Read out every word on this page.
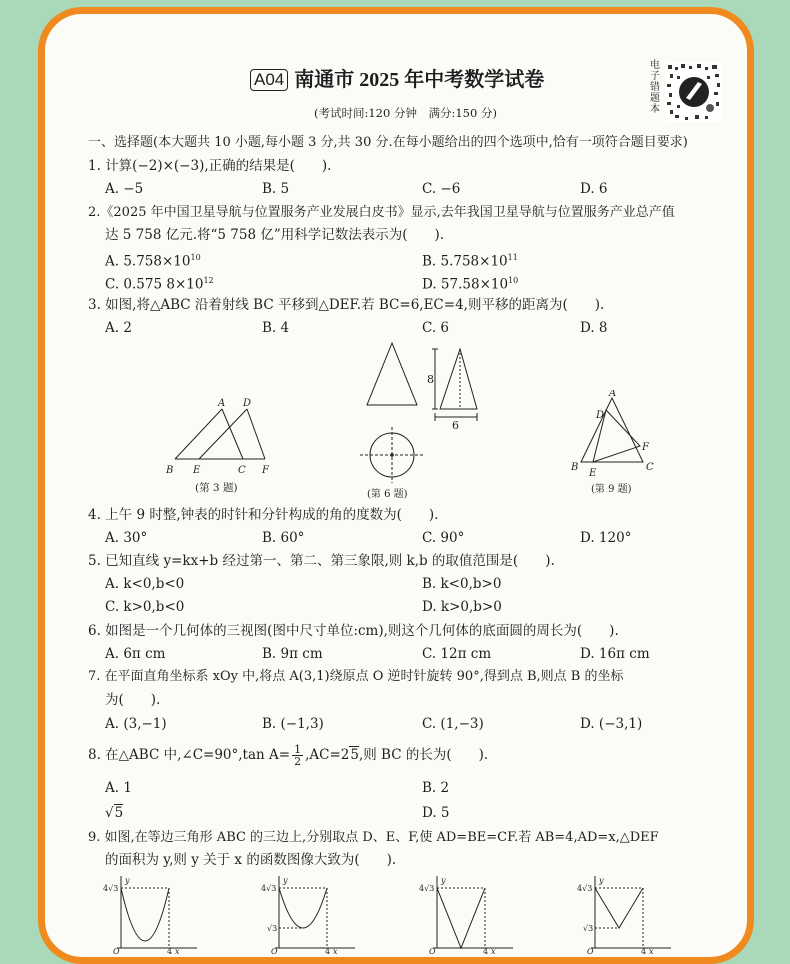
A04 南通市 2025 年中考数学试卷
(考试时间:120 分钟　满分:150 分)
电子错题本
一、选择题(本大题共 10 小题,每小题 3 分,共 30 分.在每小题给出的四个选项中,恰有一项符合题目要求)
1. 计算(−2)×(−3),正确的结果是(　　).
A. −5	B. 5	C. −6	D. 6
2.《2025 年中国卫星导航与位置服务产业发展白皮书》显示,去年我国卫星导航与位置服务产业总产值
达 5 758 亿元.将“5 758 亿”用科学记数法表示为(　　).
A. $5.758\times 10^{10}$	B. $5.758\times 10^{11}$
C. 0.575 $8\times 10^{12}$	D. $57.58\times 10^{10}$
3. 如图,将△ABC 沿着射线 BC 平移到△DEF.若 BC=6,EC=4,则平移的距离为(　　).
A. 2	B. 4	C. 6	D. 8
A D
B E	C F
(第 3 题)
8
6
(第 6 题)
A
D
F
B
E
C
(第 9 题)
4. 上午 9 时整,钟表的时针和分针构成的角的度数为(　　).
A. 30°	B. 60°	C. 90°	D. 120°
5. 已知直线 y=kx+b 经过第一、第二、第三象限,则 k,b 的取值范围是(　　).
A. k<0,b<0	B. k<0,b>0
C. k>0,b<0	D. k>0,b>0
6. 如图是一个几何体的三视图(图中尺寸单位:cm),则这个几何体的底面圆的周长为(　　).
A. 6π cm	B. 9π cm	C. 12π cm	D. 16π cm
7. 在平面直角坐标系 xOy 中,将点 A(3,1)绕原点 O 逆时针旋转 90°,得到点 B,则点 B 的坐标
为(　　).
A. (3,−1)	B. (−1,3)	C. (1,−3)	D. (−3,1)
8. 在△ABC 中,∠C=90°,tan $A= \frac{1}{2} ,AC=25$,则 BC 的长为(　　).
A. 1	B. 2
√5	D. 5
9. 如图,在等边三角形 ABC 的三边上,分别取点 D、E、F,使 AD=BE=CF.若 AB=4,AD=x,△DEF
的面积为 y,则 y 关于 x 的函数图像大致为(　　).
4√3
y
O	4 x
4√3
√3
y
O	4 x
4√3
y
O	4 x
4√3
√3
y
O	4 x
